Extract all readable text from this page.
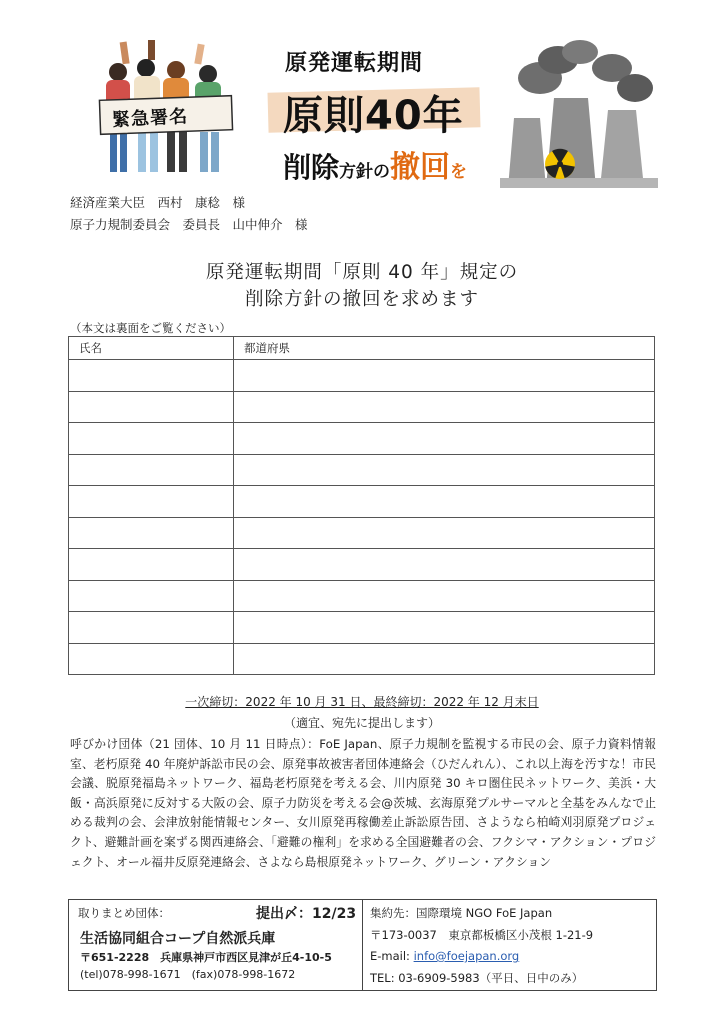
緊急署名
原発運転期間
原則40年
削除方針の撤回を
経済産業大臣　西村　康稔　様
原子力規制委員会　委員長　山中伸介　様
原発運転期間「原則 40 年」規定の
削除方針の撤回を求めます
（本文は裏面をご覧ください）
氏名	都道府県

一次締切：2022 年 10 月 31 日、最終締切：2022 年 12 月末日
（適宜、宛先に提出します）
呼びかけ団体（21 団体、10 月 11 日時点）：FoE Japan、原子力規制を監視する市民の会、原子力資料情報室、老朽原発 40 年廃炉訴訟市民の会、原発事故被害者団体連絡会（ひだんれん）、これ以上海を汚すな！市民会議、脱原発福島ネットワーク、福島老朽原発を考える会、川内原発 30 キロ圏住民ネットワーク、美浜・大飯・高浜原発に反対する大阪の会、原子力防災を考える会@茨城、玄海原発プルサーマルと全基をみんなで止める裁判の会、会津放射能情報センター、女川原発再稼働差止訴訟原告団、さようなら柏崎刈羽原発プロジェクト、避難計画を案ずる関西連絡会、「避難の権利」を求める全国避難者の会、フクシマ・アクション・プロジェクト、オール福井反原発連絡会、さよなら島根原発ネットワーク、グリーン・アクション
取りまとめ団体：	提出〆：12/23
生活協同組合コープ自然派兵庫
〒651-2228　兵庫県神戸市西区見津が丘4-10-5
(tel)078-998-1671　(fax)078-998-1672
集約先：国際環境 NGO FoE Japan
〒173-0037　東京都板橋区小茂根 1-21-9
E-mail: info@foejapan.org
TEL: 03-6909-5983（平日、日中のみ）
